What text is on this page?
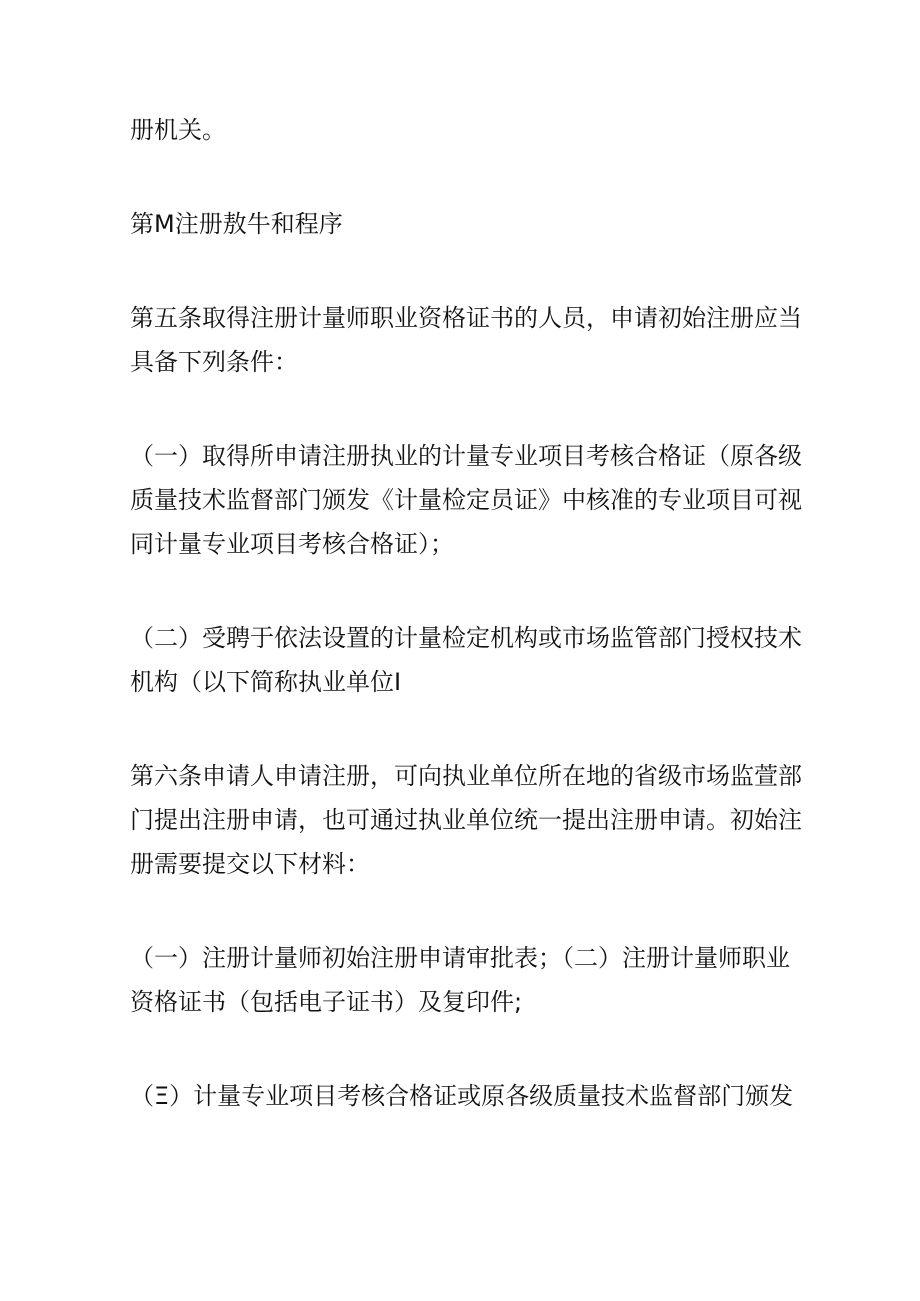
册机关。
第M注册敖牛和程序
第五条取得注册计量师职业资格证书的人员，申请初始注册应当
具备下列条件：
（一）取得所申请注册执业的计量专业项目考核合格证（原各级
质量技术监督部门颁发《计量检定员证》中核准的专业项目可视
同计量专业项目考核合格证）；
（二）受聘于依法设置的计量检定机构或市场监管部门授权技术
机构（以下简称执业单位I
第六条申请人申请注册，可向执业单位所在地的省级市场监萱部
门提出注册申请，也可通过执业单位统一提出注册申请。初始注
册需要提交以下材料：
（一）注册计量师初始注册申请审批表；（二）注册计量师职业
资格证书（包括电子证书）及复印件;
（Ξ）计量专业项目考核合格证或原各级质量技术监督部门颁发
